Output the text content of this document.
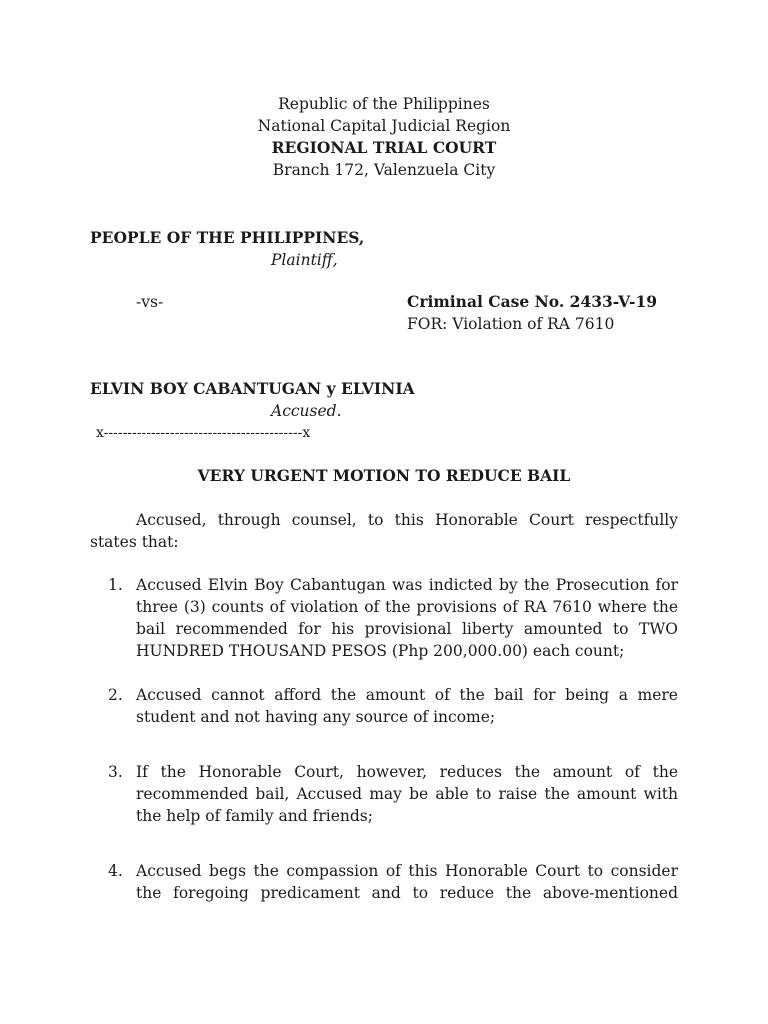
Republic of the Philippines
National Capital Judicial Region
REGIONAL TRIAL COURT
Branch 172, Valenzuela City
PEOPLE OF THE PHILIPPINES,
Plaintiff,
-vs-	Criminal Case No. 2433-V-19
FOR: Violation of RA 7610
ELVIN BOY CABANTUGAN y ELVINIA
Accused.
x------------------------------------------x
VERY URGENT MOTION TO REDUCE BAIL
Accused, through counsel, to this Honorable Court respectfully states that:
1. Accused Elvin Boy Cabantugan was indicted by the Prosecution for three (3) counts of violation of the provisions of RA 7610 where the bail recommended for his provisional liberty amounted to TWO HUNDRED THOUSAND PESOS (Php 200,000.00) each count;
2. Accused cannot afford the amount of the bail for being a mere student and not having any source of income;
3. If the Honorable Court, however, reduces the amount of the recommended bail, Accused may be able to raise the amount with the help of family and friends;
4. Accused begs the compassion of this Honorable Court to consider the foregoing predicament and to reduce the above-mentioned
